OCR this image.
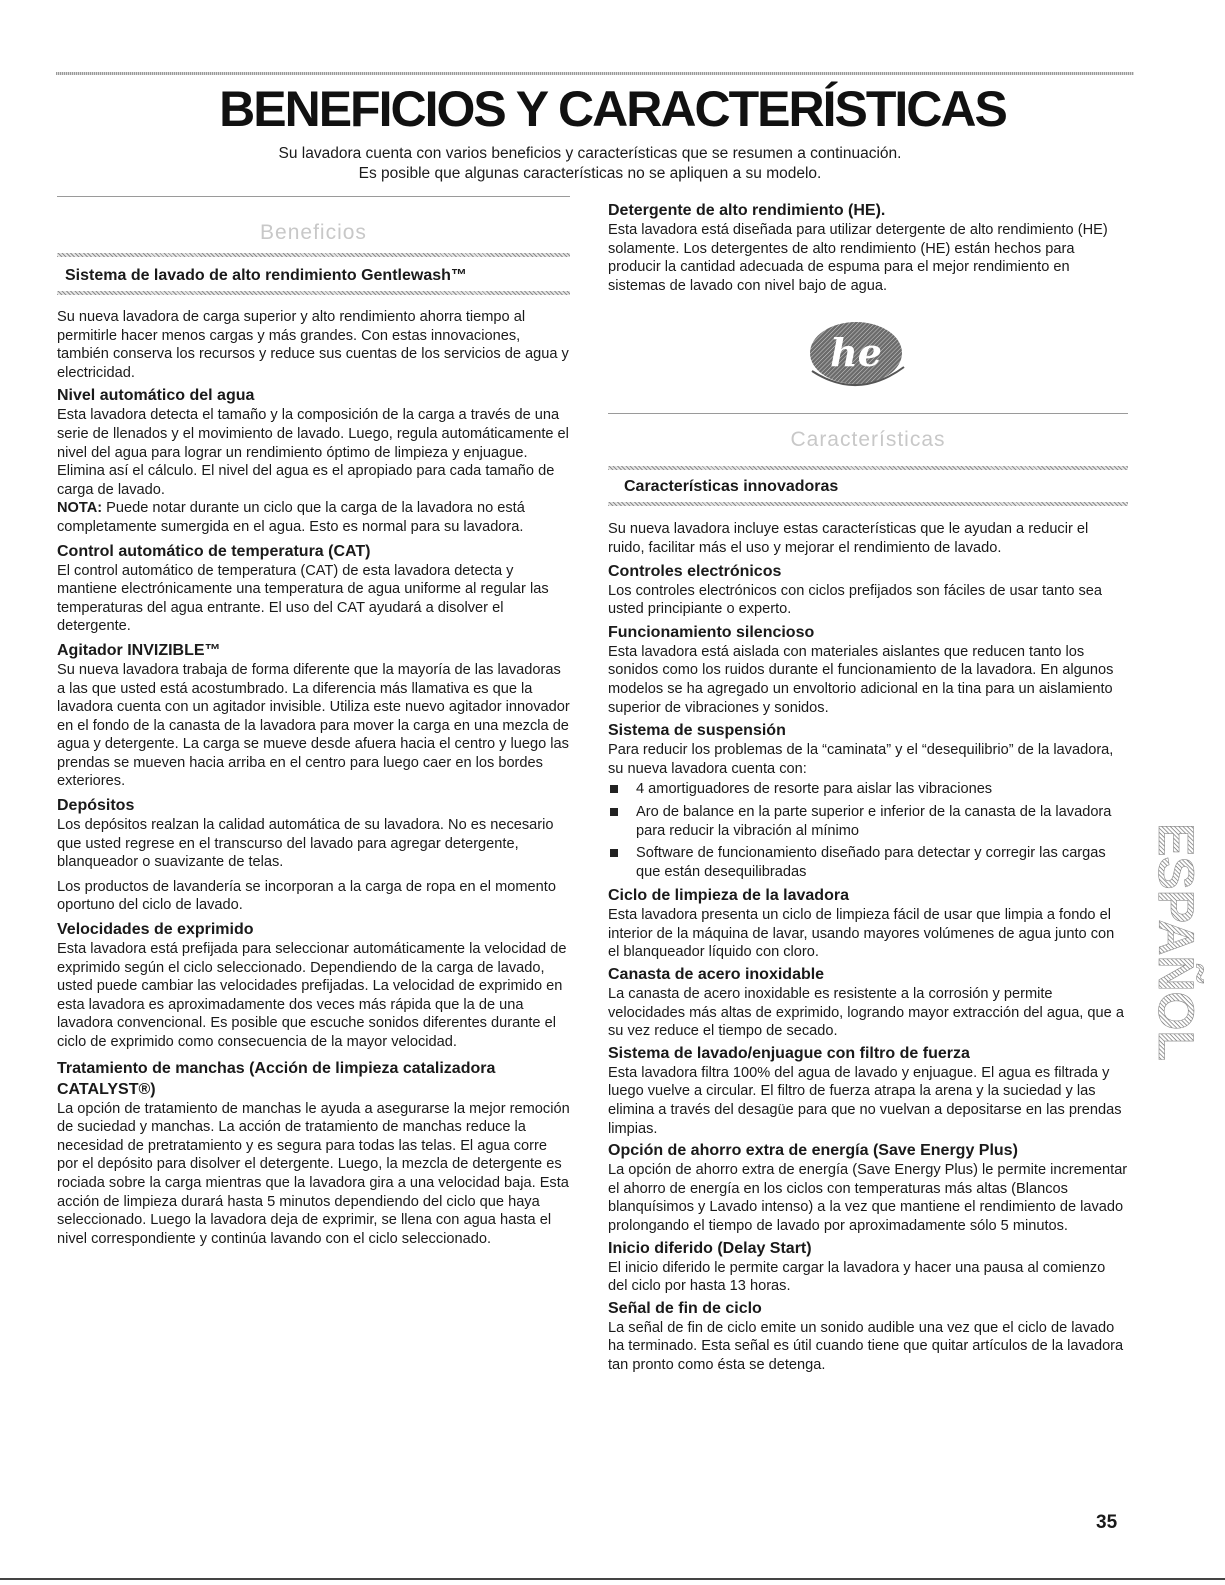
BENEFICIOS Y CARACTERÍSTICAS
Su lavadora cuenta con varios beneficios y características que se resumen a continuación.
Es posible que algunas características no se apliquen a su modelo.
Beneficios
Sistema de lavado de alto rendimiento Gentlewash™

Su nueva lavadora de carga superior y alto rendimiento ahorra tiempo al permitirle hacer menos cargas y más grandes. Con estas innovaciones, también conserva los recursos y reduce sus cuentas de los servicios de agua y electricidad.

Nivel automático del agua

Esta lavadora detecta el tamaño y la composición de la carga a través de una serie de llenados y el movimiento de lavado. Luego, regula automáticamente el nivel del agua para lograr un rendimiento óptimo de limpieza y enjuague. Elimina así el cálculo. El nivel del agua es el apropiado para cada tamaño de carga de lavado.

NOTA: Puede notar durante un ciclo que la carga de la lavadora no está completamente sumergida en el agua. Esto es normal para su lavadora.

Control automático de temperatura (CAT)

El control automático de temperatura (CAT) de esta lavadora detecta y mantiene electrónicamente una temperatura de agua uniforme al regular las temperaturas del agua entrante. El uso del CAT ayudará a disolver el detergente.

Agitador INVIZIBLE™

Su nueva lavadora trabaja de forma diferente que la mayoría de las lavadoras a las que usted está acostumbrado. La diferencia más llamativa es que la lavadora cuenta con un agitador invisible. Utiliza este nuevo agitador innovador en el fondo de la canasta de la lavadora para mover la carga en una mezcla de agua y detergente. La carga se mueve desde afuera hacia el centro y luego las prendas se mueven hacia arriba en el centro para luego caer en los bordes exteriores.

Depósitos

Los depósitos realzan la calidad automática de su lavadora. No es necesario que usted regrese en el transcurso del lavado para agregar detergente, blanqueador o suavizante de telas.

Los productos de lavandería se incorporan a la carga de ropa en el momento oportuno del ciclo de lavado.

Velocidades de exprimido

Esta lavadora está prefijada para seleccionar automáticamente la velocidad de exprimido según el ciclo seleccionado. Dependiendo de la carga de lavado, usted puede cambiar las velocidades prefijadas. La velocidad de exprimido en esta lavadora es aproximadamente dos veces más rápida que la de una lavadora convencional. Es posible que escuche sonidos diferentes durante el ciclo de exprimido como consecuencia de la mayor velocidad.

Tratamiento de manchas (Acción de limpieza catalizadora CATALYST®)

La opción de tratamiento de manchas le ayuda a asegurarse la mejor remoción de suciedad y manchas. La acción de tratamiento de manchas reduce la necesidad de pretratamiento y es segura para todas las telas. El agua corre por el depósito para disolver el detergente. Luego, la mezcla de detergente es rociada sobre la carga mientras que la lavadora gira a una velocidad baja. Esta acción de limpieza durará hasta 5 minutos dependiendo del ciclo que haya seleccionado. Luego la lavadora deja de exprimir, se llena con agua hasta el nivel correspondiente y continúa lavando con el ciclo seleccionado.

Detergente de alto rendimiento (HE).

Esta lavadora está diseñada para utilizar detergente de alto rendimiento (HE) solamente. Los detergentes de alto rendimiento (HE) están hechos para producir la cantidad adecuada de espuma para el mejor rendimiento en sistemas de lavado con nivel bajo de agua.

he
Características
Características innovadoras

Su nueva lavadora incluye estas características que le ayudan a reducir el ruido, facilitar más el uso y mejorar el rendimiento de lavado.

Controles electrónicos

Los controles electrónicos con ciclos prefijados son fáciles de usar tanto sea usted principiante o experto.

Funcionamiento silencioso

Esta lavadora está aislada con materiales aislantes que reducen tanto los sonidos como los ruidos durante el funcionamiento de la lavadora. En algunos modelos se ha agregado un envoltorio adicional en la tina para un aislamiento superior de vibraciones y sonidos.

Sistema de suspensión

Para reducir los problemas de la “caminata” y el “desequilibrio” de la lavadora, su nueva lavadora cuenta con:

4 amortiguadores de resorte para aislar las vibraciones
Aro de balance en la parte superior e inferior de la canasta de la lavadora para reducir la vibración al mínimo
Software de funcionamiento diseñado para detectar y corregir las cargas que están desequilibradas
Ciclo de limpieza de la lavadora

Esta lavadora presenta un ciclo de limpieza fácil de usar que limpia a fondo el interior de la máquina de lavar, usando mayores volúmenes de agua junto con el blanqueador líquido con cloro.

Canasta de acero inoxidable

La canasta de acero inoxidable es resistente a la corrosión y permite velocidades más altas de exprimido, logrando mayor extracción del agua, que a su vez reduce el tiempo de secado.

Sistema de lavado/enjuague con filtro de fuerza

Esta lavadora filtra 100% del agua de lavado y enjuague. El agua es filtrada y luego vuelve a circular. El filtro de fuerza atrapa la arena y la suciedad y las elimina a través del desagüe para que no vuelvan a depositarse en las prendas limpias.

Opción de ahorro extra de energía (Save Energy Plus)

La opción de ahorro extra de energía (Save Energy Plus) le permite incrementar el ahorro de energía en los ciclos con temperaturas más altas (Blancos blanquísimos y Lavado intenso) a la vez que mantiene el rendimiento de lavado prolongando el tiempo de lavado por aproximadamente sólo 5 minutos.

Inicio diferido (Delay Start)

El inicio diferido le permite cargar la lavadora y hacer una pausa al comienzo del ciclo por hasta 13 horas.

Señal de fin de ciclo

La señal de fin de ciclo emite un sonido audible una vez que el ciclo de lavado ha terminado. Esta señal es útil cuando tiene que quitar artículos de la lavadora tan pronto como ésta se detenga.

ESPAÑOL
35
